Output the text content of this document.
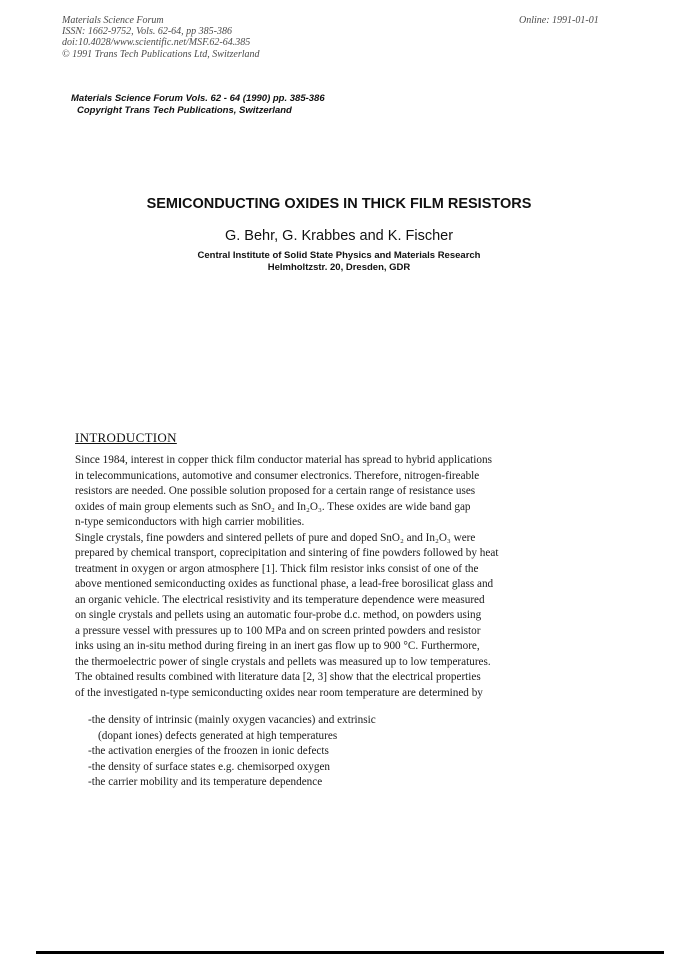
Materials Science Forum
ISSN: 1662-9752, Vols. 62-64, pp 385-386
doi:10.4028/www.scientific.net/MSF.62-64.385
© 1991 Trans Tech Publications Ltd, Switzerland
Online: 1991-01-01
Materials Science Forum Vols. 62 - 64 (1990) pp. 385-386
Copyright Trans Tech Publications, Switzerland
SEMICONDUCTING OXIDES IN THICK FILM RESISTORS
G. Behr, G. Krabbes and K. Fischer
Central Institute of Solid State Physics and Materials Research
Helmholtzstr. 20, Dresden, GDR
INTRODUCTION
Since 1984, interest in copper thick film conductor material has spread to hybrid applications
in telecommunications, automotive and consumer electronics. Therefore, nitrogen-fireable
resistors are needed. One possible solution proposed for a certain range of resistance uses
oxides of main group elements such as SnO₂ and In₂O₃. These oxides are wide band gap
n-type semiconductors with high carrier mobilities.
Single crystals, fine powders and sintered pellets of pure and doped SnO₂ and In₂O₃ were
prepared by chemical transport, coprecipitation and sintering of fine powders followed by heat
treatment in oxygen or argon atmosphere [1]. Thick film resistor inks consist of one of the
above mentioned semiconducting oxides as functional phase, a lead-free borosilicat glass and
an organic vehicle. The electrical resistivity and its temperature dependence were measured
on single crystals and pellets using an automatic four-probe d.c. method, on powders using
a pressure vessel with pressures up to 100 MPa and on screen printed powders and resistor
inks using an in-situ method during fireing in an inert gas flow up to 900 °C. Furthermore,
the thermoelectric power of single crystals and pellets was measured up to low temperatures.
The obtained results combined with literature data [2, 3] show that the electrical properties
of the investigated n-type semiconducting oxides near room temperature are determined by
-the density of intrinsic (mainly oxygen vacancies) and extrinsic
(dopant iones) defects generated at high temperatures
-the activation energies of the froozen in ionic defects
-the density of surface states e.g. chemisorped oxygen
-the carrier mobility and its temperature dependence
